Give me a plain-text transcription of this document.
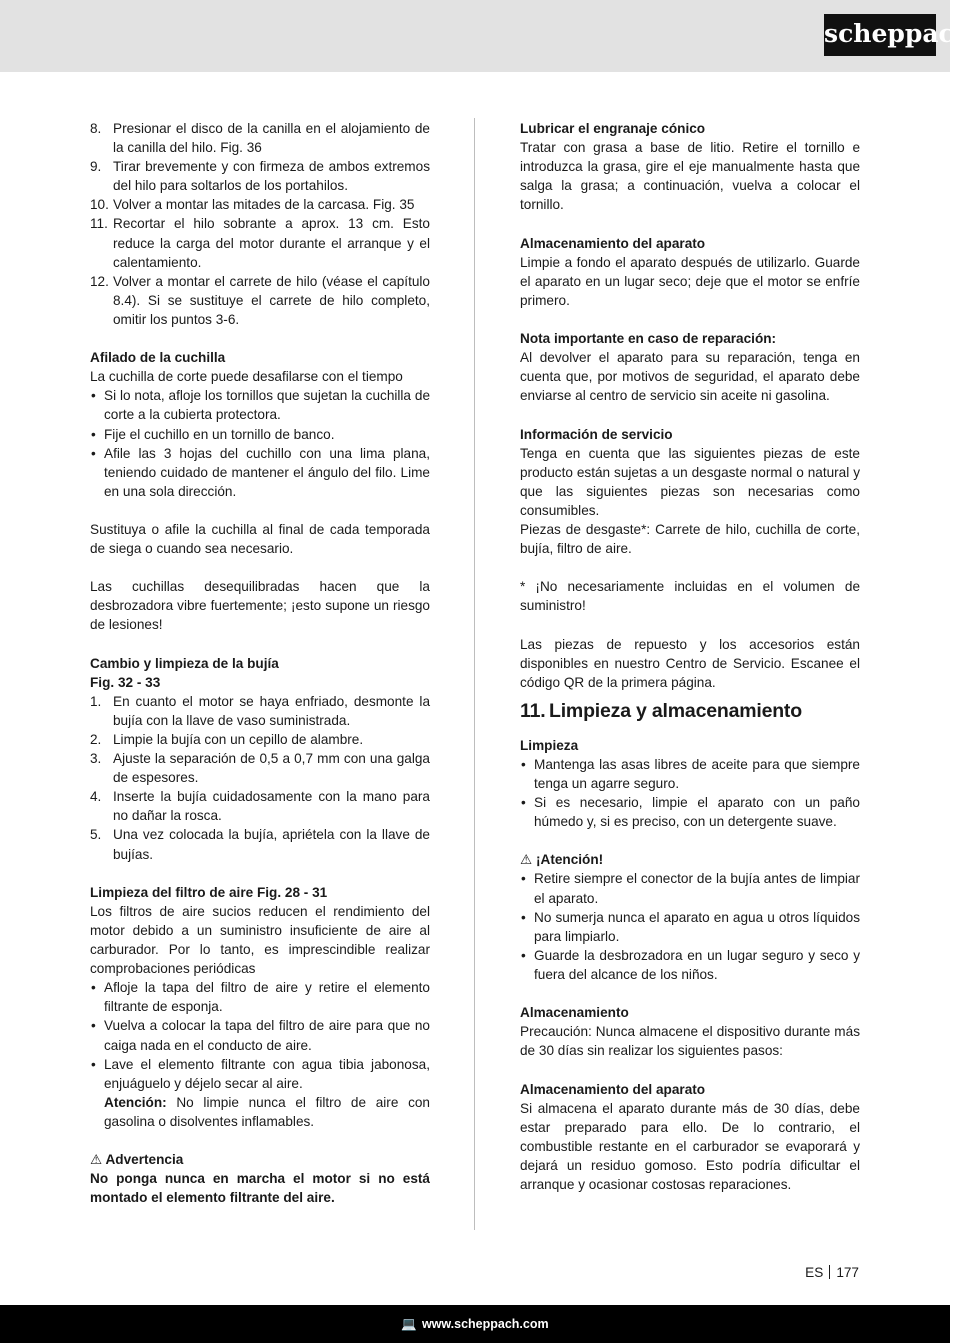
scheppach
8. Presionar el disco de la canilla en el alojamiento de la canilla del hilo. Fig. 36
9. Tirar brevemente y con firmeza de ambos extremos del hilo para soltarlos de los portahilos.
10. Volver a montar las mitades de la carcasa. Fig. 35
11. Recortar el hilo sobrante a aprox. 13 cm. Esto reduce la carga del motor durante el arranque y el calentamiento.
12. Volver a montar el carrete de hilo (véase el capítulo 8.4). Si se sustituye el carrete de hilo completo, omitir los puntos 3-6.

Afilado de la cuchilla

La cuchilla de corte puede desafilarse con el tiempo

• Si lo nota, afloje los tornillos que sujetan la cuchilla de corte a la cubierta protectora.
• Fije el cuchillo en un tornillo de banco.
• Afile las 3 hojas del cuchillo con una lima plana, teniendo cuidado de mantener el ángulo del filo. Lime en una sola dirección.

Sustituya o afile la cuchilla al final de cada temporada de siega o cuando sea necesario.

Las cuchillas desequilibradas hacen que la desbrozadora vibre fuertemente; ¡esto supone un riesgo de lesiones!

Cambio y limpieza de la bujía

Fig. 32 - 33

1. En cuanto el motor se haya enfriado, desmonte la bujía con la llave de vaso suministrada.
2. Limpie la bujía con un cepillo de alambre.
3. Ajuste la separación de 0,5 a 0,7 mm con una galga de espesores.
4. Inserte la bujía cuidadosamente con la mano para no dañar la rosca.
5. Una vez colocada la bujía, apriétela con la llave de bujías.

Limpieza del filtro de aire Fig. 28 - 31

Los filtros de aire sucios reducen el rendimiento del motor debido a un suministro insuficiente de aire al carburador. Por lo tanto, es imprescindible realizar comprobaciones periódicas

• Afloje la tapa del filtro de aire y retire el elemento filtrante de esponja.
• Vuelva a colocar la tapa del filtro de aire para que no caiga nada en el conducto de aire.
• Lave el elemento filtrante con agua tibia jabonosa, enjuáguelo y déjelo secar al aire.
Atención: No limpie nunca el filtro de aire con gasolina o disolventes inflamables.

⚠ Advertencia

No ponga nunca en marcha el motor si no está montado el elemento filtrante del aire.

Lubricar el engranaje cónico

Tratar con grasa a base de litio. Retire el tornillo e introduzca la grasa, gire el eje manualmente hasta que salga la grasa; a continuación, vuelva a colocar el tornillo.

Almacenamiento del aparato

Limpie a fondo el aparato después de utilizarlo. Guarde el aparato en un lugar seco; deje que el motor se enfríe primero.

Nota importante en caso de reparación:

Al devolver el aparato para su reparación, tenga en cuenta que, por motivos de seguridad, el aparato debe enviarse al centro de servicio sin aceite ni gasolina.

Información de servicio

Tenga en cuenta que las siguientes piezas de este producto están sujetas a un desgaste normal o natural y que las siguientes piezas son necesarias como consumibles.

Piezas de desgaste*: Carrete de hilo, cuchilla de corte, bujía, filtro de aire.

* ¡No necesariamente incluidas en el volumen de suministro!

Las piezas de repuesto y los accesorios están disponibles en nuestro Centro de Servicio. Escanee el código QR de la primera página.

11. Limpieza y almacenamiento

Limpieza

• Mantenga las asas libres de aceite para que siempre tenga un agarre seguro.
• Si es necesario, limpie el aparato con un paño húmedo y, si es preciso, con un detergente suave.

⚠ ¡Atención!

• Retire siempre el conector de la bujía antes de limpiar el aparato.
• No sumerja nunca el aparato en agua u otros líquidos para limpiarlo.
• Guarde la desbrozadora en un lugar seguro y seco y fuera del alcance de los niños.

Almacenamiento

Precaución: Nunca almacene el dispositivo durante más de 30 días sin realizar los siguientes pasos:

Almacenamiento del aparato

Si almacena el aparato durante más de 30 días, debe estar preparado para ello. De lo contrario, el combustible restante en el carburador se evaporará y dejará un residuo gomoso. Esto podría dificultar el arranque y ocasionar costosas reparaciones.

ES 177
💻 www.scheppach.com
